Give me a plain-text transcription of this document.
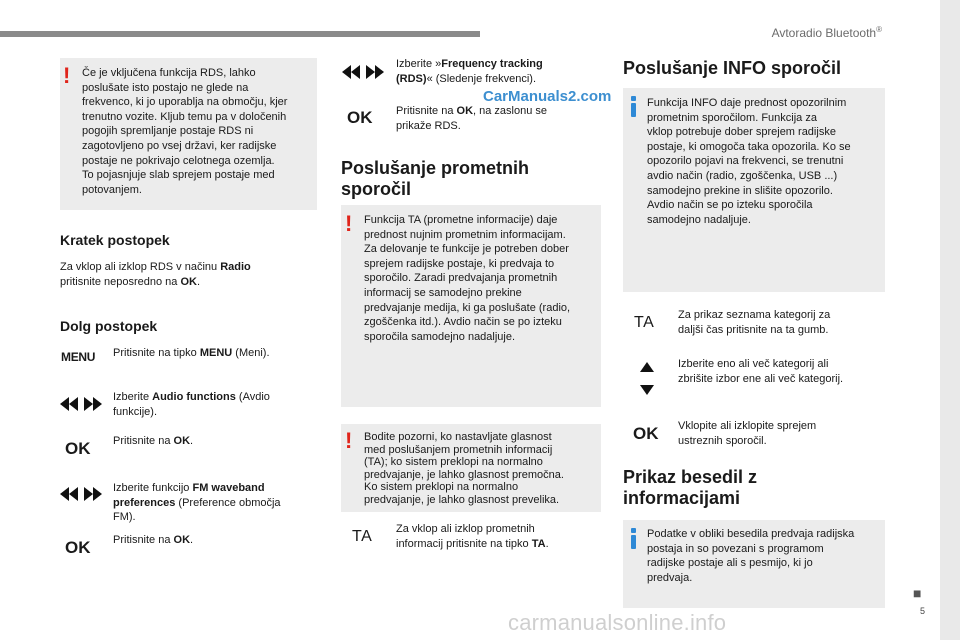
Avtoradio Bluetooth®
■
5
CarManuals2.com
! Če je vključena funkcija RDS, lahko

poslušate isto postajo ne glede na

frekvenco, ki jo uporablja na območju, kjer

trenutno vozite. Kljub temu pa v določenih

pogojih spremljanje postaje RDS ni

zagotovljeno po vsej državi, ker radijske

postaje ne pokrivajo celotnega ozemlja.

To pojasnjuje slab sprejem postaje med

potovanjem.

Kratek postopek
Za vklop ali izklop RDS v načinu Radio
pritisnite neposredno na OK.
Dolg postopek
MENU Pritisnite na tipko MENU (Meni).
Izberite Audio functions (Avdio
funkcije).
OK Pritisnite na OK.
Izberite funkcijo FM waveband
preferences (Preference območja
FM).
OK Pritisnite na OK.
Izberite »Frequency tracking
(RDS)« (Sledenje frekvenci).
OK Pritisnite na OK, na zaslonu se
prikaže RDS.
Poslušanje prometnih
sporočil
! Funkcija TA (prometne informacije) daje

prednost nujnim prometnim informacijam.

Za delovanje te funkcije je potreben dober

sprejem radijske postaje, ki predvaja to

sporočilo. Zaradi predvajanja prometnih

informacij se samodejno prekine

predvajanje medija, ki ga poslušate (radio,

zgoščenka itd.). Avdio način se po izteku

sporočila samodejno nadaljuje.

! Bodite pozorni, ko nastavljate glasnost

med poslušanjem prometnih informacij

(TA); ko sistem preklopi na normalno

predvajanje, je lahko glasnost premočna.

Ko sistem preklopi na normalno

predvajanje, je lahko glasnost prevelika.

TA Za vklop ali izklop prometnih
informacij pritisnite na tipko TA.
Poslušanje INFO sporočil

Funkcija INFO daje prednost opozorilnim

prometnim sporočilom. Funkcija za

vklop potrebuje dober sprejem radijske

postaje, ki omogoča taka opozorila. Ko se

opozorilo pojavi na frekvenci, se trenutni

avdio način (radio, zgoščenka, USB ...)

samodejno prekine in slišite opozorilo.

Avdio način se po izteku sporočila

samodejno nadaljuje.

TA Za prikaz seznama kategorij za
daljši čas pritisnite na ta gumb.
Izberite eno ali več kategorij ali
zbrišite izbor ene ali več kategorij.
OK Vklopite ali izklopite sprejem
ustreznih sporočil.
Prikaz besedil z
informacijami

Podatke v obliki besedila predvaja radijska

postaja in so povezani s programom

radijske postaje ali s pesmijo, ki jo

predvaja.

carmanualsonline.info
